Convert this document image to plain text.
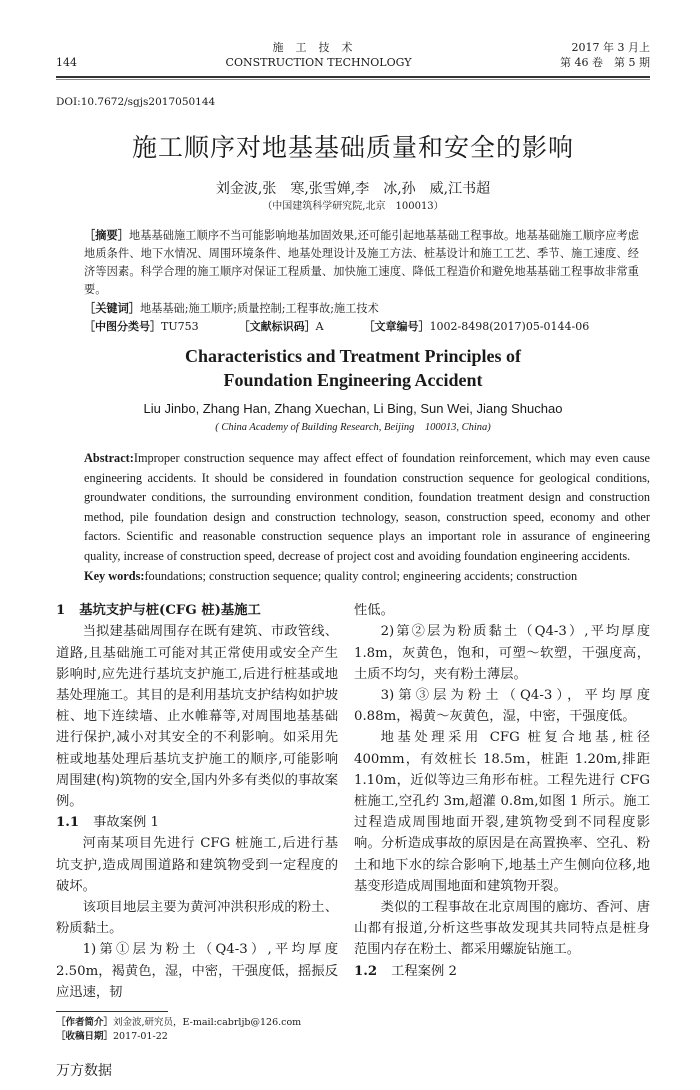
144
施工技术
CONSTRUCTION TECHNOLOGY
2017 年 3 月上
第 46 卷　第 5 期
DOI:10.7672/sgjs2017050144
施工顺序对地基基础质量和安全的影响
刘金波,张　寒,张雪婵,李　冰,孙　威,江书超
（中国建筑科学研究院,北京　100013）
［摘要］地基基础施工顺序不当可能影响地基加固效果,还可能引起地基基础工程事故。地基基础施工顺序应考虑地质条件、地下水情况、周围环境条件、地基处理设计及施工方法、桩基设计和施工工艺、季节、施工速度、经济等因素。科学合理的施工顺序对保证工程质量、加快施工速度、降低工程造价和避免地基基础工程事故非常重要。
［关键词］地基基础;施工顺序;质量控制;工程事故;施工技术
［中图分类号］TU753	［文献标识码］A	［文章编号］1002-8498(2017)05-0144-06
Characteristics and Treatment Principles of
Foundation Engineering Accident
Liu Jinbo, Zhang Han, Zhang Xuechan, Li Bing, Sun Wei, Jiang Shuchao
( China Academy of Building Research, Beijing　100013, China)
Abstract:Improper construction sequence may affect effect of foundation reinforcement, which may even cause engineering accidents. It should be considered in foundation construction sequence for geological conditions, groundwater conditions, the surrounding environment condition, foundation treatment design and construction method, pile foundation design and construction technology, season, construction speed, economy and other factors. Scientific and reasonable construction sequence plays an important role in assurance of engineering quality, increase of construction speed, decrease of project cost and avoiding foundation engineering accidents.
Key words:foundations; construction sequence; quality control; engineering accidents; construction
1 基坑支护与桩(CFG 桩)基施工

当拟建基础周围存在既有建筑、市政管线、道路,且基础施工可能对其正常使用或安全产生影响时,应先进行基坑支护施工,后进行桩基或地基处理施工。其目的是利用基坑支护结构如护坡桩、地下连续墙、止水帷幕等,对周围地基基础进行保护,减小对其安全的不利影响。如采用先桩或地基处理后基坑支护施工的顺序,可能影响周围建(构)筑物的安全,国内外多有类似的事故案例。

1.1 事故案例 1

河南某项目先进行 CFG 桩施工,后进行基坑支护,造成周围道路和建筑物受到一定程度的破坏。

该项目地层主要为黄河冲洪积形成的粉土、粉质黏土。

1)第①层为粉土（Q4-3）,平均厚度 2.50m，褐黄色，湿，中密，干强度低，摇振反应迅速，韧

［作者简介］刘金波,研究员，E-mail:cabrljb@126.com
［收稿日期］2017-01-22

性低。

2)第②层为粉质黏土（Q4-3）,平均厚度 1.8m，灰黄色，饱和，可塑～软塑，干强度高，土质不均匀，夹有粉土薄层。

3)第③层为粉土（Q4-3），平均厚度 0.88m，褐黄～灰黄色，湿，中密，干强度低。

地基处理采用 CFG 桩复合地基,桩径 400mm，有效桩长 18.5m，桩距 1.20m,排距 1.10m，近似等边三角形布桩。工程先进行 CFG 桩施工,空孔约 3m,超灌 0.8m,如图 1 所示。施工过程造成周围地面开裂,建筑物受到不同程度影响。分析造成事故的原因是在高置换率、空孔、粉土和地下水的综合影响下,地基土产生侧向位移,地基变形造成周围地面和建筑物开裂。

类似的工程事故在北京周围的廊坊、香河、唐山都有报道,分析这些事故发现其共同特点是桩身范围内存在粉土、都采用螺旋钻施工。

1.2 工程案例 2
万方数据
